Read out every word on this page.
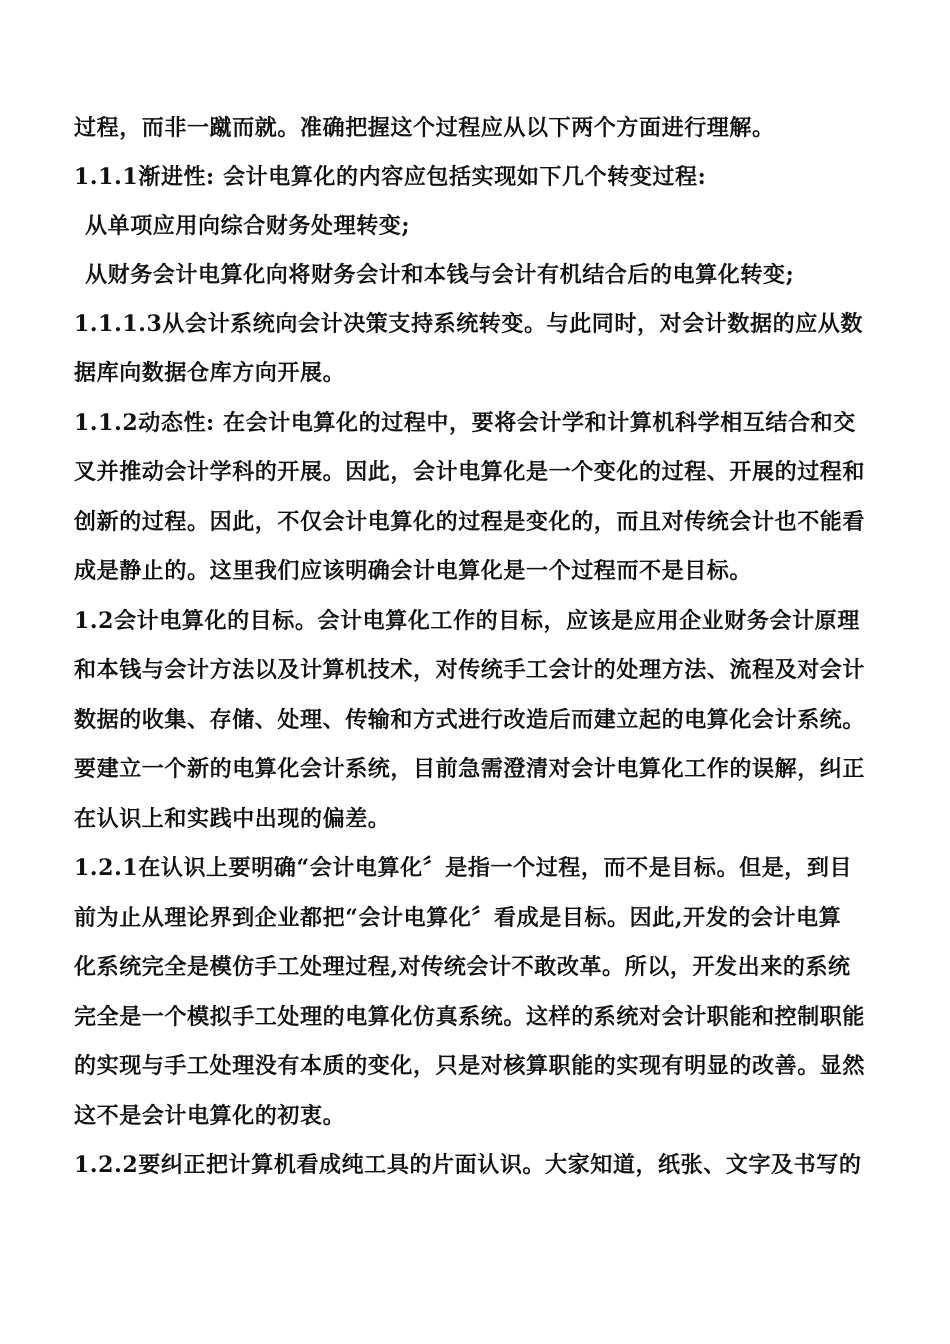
过程，而非一蹴而就。准确把握这个过程应从以下两个方面进行理解。
1.1.1渐进性: 会计电算化的内容应包括实现如下几个转变过程:
从单项应用向综合财务处理转变;
从财务会计电算化向将财务会计和本钱与会计有机结合后的电算化转变;
1.1.1.3从会计系统向会计决策支持系统转变。与此同时，对会计数据的应从数
据库向数据仓库方向开展。
1.1.2动态性: 在会计电算化的过程中，要将会计学和计算机科学相互结合和交
叉并推动会计学科的开展。因此，会计电算化是一个变化的过程、开展的过程和
创新的过程。因此，不仅会计电算化的过程是变化的，而且对传统会计也不能看
成是静止的。这里我们应该明确会计电算化是一个过程而不是目标。
1.2会计电算化的目标。会计电算化工作的目标，应该是应用企业财务会计原理
和本钱与会计方法以及计算机技术，对传统手工会计的处理方法、流程及对会计
数据的收集、存储、处理、传输和方式进行改造后而建立起的电算化会计系统。
要建立一个新的电算化会计系统，目前急需澄清对会计电算化工作的误解，纠正
在认识上和实践中出现的偏差。
1.2.1在认识上要明确“会计电算化〞是指一个过程，而不是目标。但是，到目
前为止从理论界到企业都把“会计电算化〞看成是目标。因此,开发的会计电算
化系统完全是模仿手工处理过程,对传统会计不敢改革。所以，开发出来的系统
完全是一个模拟手工处理的电算化仿真系统。这样的系统对会计职能和控制职能
的实现与手工处理没有本质的变化，只是对核算职能的实现有明显的改善。显然
这不是会计电算化的初衷。
1.2.2要纠正把计算机看成纯工具的片面认识。大家知道，纸张、文字及书写的
